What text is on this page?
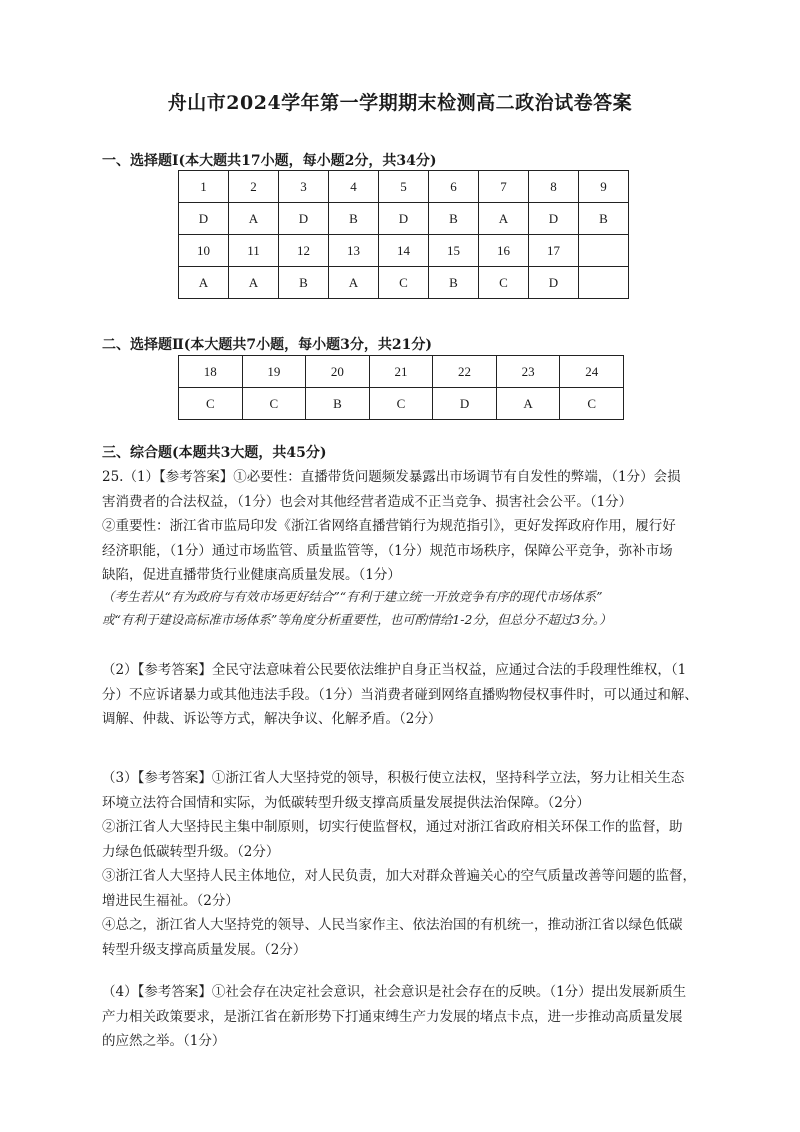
舟山市2024学年第一学期期末检测高二政治试卷答案
一、选择题Ⅰ(本大题共17小题，每小题2分，共34分)
1	2	3	4	5	6	7	8	9
D	A	D	B	D	B	A	D	B
10	11	12	13	14	15	16	17	
A	A	B	A	C	B	C	D	
二、选择题Ⅱ(本大题共7小题，每小题3分，共21分)
18	19	20	21	22	23	24
C	C	B	C	D	A	C
三、综合题(本题共3大题，共45分)
25.（1）【参考答案】①必要性：直播带货问题频发暴露出市场调节有自发性的弊端，（1分）会损
害消费者的合法权益，（1分）也会对其他经营者造成不正当竞争、损害社会公平。（1分）
②重要性：浙江省市监局印发《浙江省网络直播营销行为规范指引》，更好发挥政府作用，履行好
经济职能，（1分）通过市场监管、质量监管等，（1分）规范市场秩序，保障公平竞争，弥补市场
缺陷，促进直播带货行业健康高质量发展。（1分）
（考生若从“有为政府与有效市场更好结合”“有利于建立统一开放竞争有序的现代市场体系”
或“有利于建设高标准市场体系”等角度分析重要性，也可酌情给1-2分，但总分不超过3分。）
（2）【参考答案】全民守法意味着公民要依法维护自身正当权益，应通过合法的手段理性维权，（1
分）不应诉诸暴力或其他违法手段。（1分）当消费者碰到网络直播购物侵权事件时，可以通过和解、
调解、仲裁、诉讼等方式，解决争议、化解矛盾。（2分）
（3）【参考答案】①浙江省人大坚持党的领导，积极行使立法权，坚持科学立法，努力让相关生态
环境立法符合国情和实际，为低碳转型升级支撑高质量发展提供法治保障。（2分）
②浙江省人大坚持民主集中制原则，切实行使监督权，通过对浙江省政府相关环保工作的监督，助
力绿色低碳转型升级。（2分）
③浙江省人大坚持人民主体地位，对人民负责，加大对群众普遍关心的空气质量改善等问题的监督，
增进民生福祉。（2分）
④总之，浙江省人大坚持党的领导、人民当家作主、依法治国的有机统一，推动浙江省以绿色低碳
转型升级支撑高质量发展。（2分）
（4）【参考答案】①社会存在决定社会意识，社会意识是社会存在的反映。（1分）提出发展新质生
产力相关政策要求，是浙江省在新形势下打通束缚生产力发展的堵点卡点，进一步推动高质量发展
的应然之举。（1分）
